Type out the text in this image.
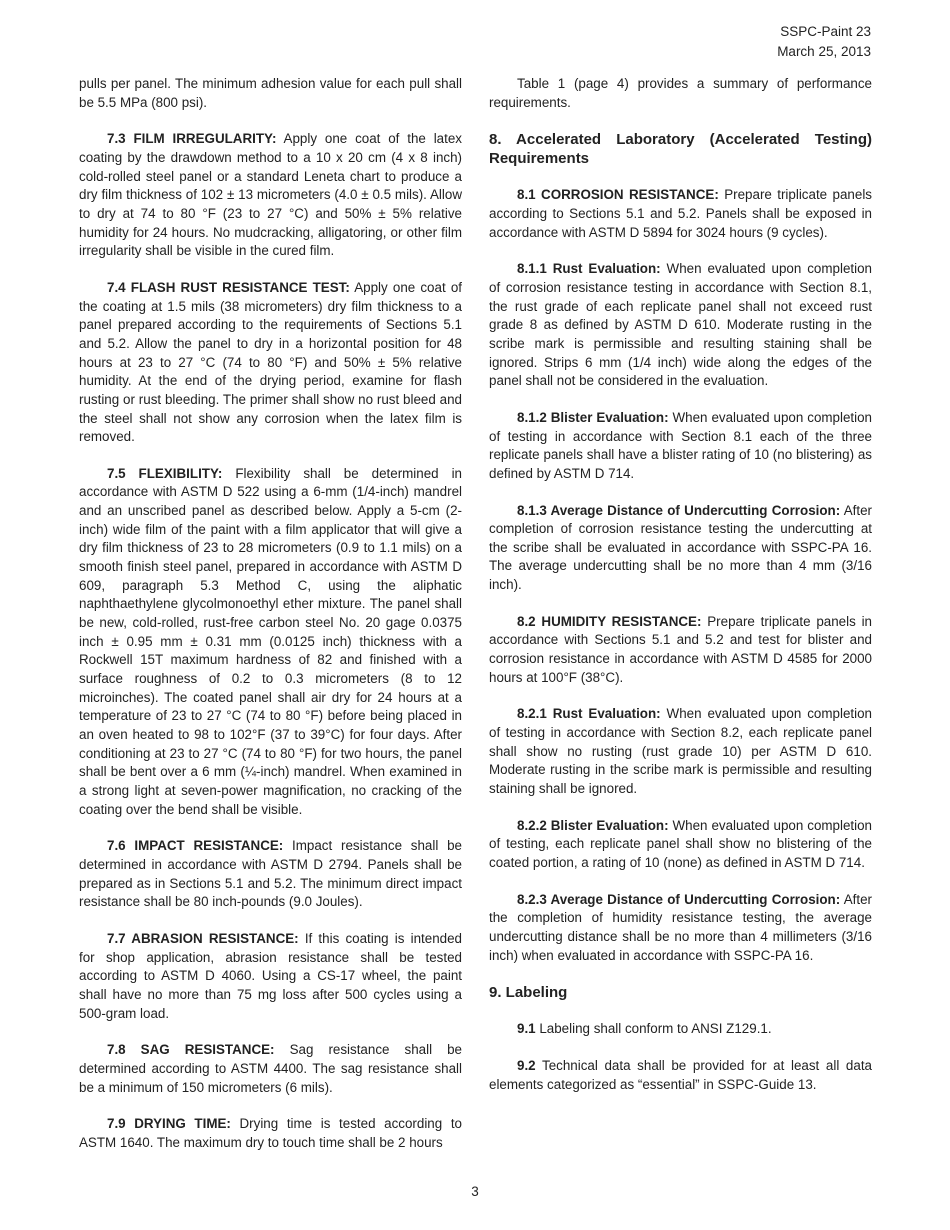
SSPC-Paint 23
March 25, 2013

pulls per panel. The minimum adhesion value for each pull shall be 5.5 MPa (800 psi).

7.3 FILM IRREGULARITY: Apply one coat of the latex coating by the drawdown method to a 10 x 20 cm (4 x 8 inch) cold-rolled steel panel or a standard Leneta chart to produce a dry film thickness of 102 ± 13 micrometers (4.0 ± 0.5 mils). Allow to dry at 74 to 80 °F (23 to 27 °C) and 50% ± 5% relative humidity for 24 hours. No mudcracking, alligatoring, or other film irregularity shall be visible in the cured film.

7.4 FLASH RUST RESISTANCE TEST: Apply one coat of the coating at 1.5 mils (38 micrometers) dry film thickness to a panel prepared according to the requirements of Sections 5.1 and 5.2. Allow the panel to dry in a horizontal position for 48 hours at 23 to 27 °C (74 to 80 °F) and 50% ± 5% relative humidity. At the end of the drying period, examine for flash rusting or rust bleeding. The primer shall show no rust bleed and the steel shall not show any corrosion when the latex film is removed.

7.5 FLEXIBILITY: Flexibility shall be determined in accordance with ASTM D 522 using a 6-mm (1/4-inch) mandrel and an unscribed panel as described below. Apply a 5-cm (2-inch) wide film of the paint with a film applicator that will give a dry film thickness of 23 to 28 micrometers (0.9 to 1.1 mils) on a smooth finish steel panel, prepared in accordance with ASTM D 609, paragraph 5.3 Method C, using the aliphatic naphthaethylene glycolmonoethyl ether mixture. The panel shall be new, cold-rolled, rust-free carbon steel No. 20 gage 0.0375 inch ± 0.95 mm ± 0.31 mm (0.0125 inch) thickness with a Rockwell 15T maximum hardness of 82 and finished with a surface roughness of 0.2 to 0.3 micrometers (8 to 12 microinches). The coated panel shall air dry for 24 hours at a temperature of 23 to 27 °C (74 to 80 °F) before being placed in an oven heated to 98 to 102°F (37 to 39°C) for four days. After conditioning at 23 to 27 °C (74 to 80 °F) for two hours, the panel shall be bent over a 6 mm (¼-inch) mandrel. When examined in a strong light at seven-power magnification, no cracking of the coating over the bend shall be visible.

7.6 IMPACT RESISTANCE: Impact resistance shall be determined in accordance with ASTM D 2794. Panels shall be prepared as in Sections 5.1 and 5.2. The minimum direct impact resistance shall be 80 inch-pounds (9.0 Joules).

7.7 ABRASION RESISTANCE: If this coating is intended for shop application, abrasion resistance shall be tested according to ASTM D 4060. Using a CS-17 wheel, the paint shall have no more than 75 mg loss after 500 cycles using a 500-gram load.

7.8 SAG RESISTANCE: Sag resistance shall be determined according to ASTM 4400. The sag resistance shall be a minimum of 150 micrometers (6 mils).

7.9 DRYING TIME: Drying time is tested according to ASTM 1640. The maximum dry to touch time shall be 2 hours

Table 1 (page 4) provides a summary of performance requirements.

8. Accelerated Laboratory (Accelerated Testing) Requirements

8.1 CORROSION RESISTANCE: Prepare triplicate panels according to Sections 5.1 and 5.2. Panels shall be exposed in accordance with ASTM D 5894 for 3024 hours (9 cycles).

8.1.1 Rust Evaluation: When evaluated upon completion of corrosion resistance testing in accordance with Section 8.1, the rust grade of each replicate panel shall not exceed rust grade 8 as defined by ASTM D 610. Moderate rusting in the scribe mark is permissible and resulting staining shall be ignored. Strips 6 mm (1/4 inch) wide along the edges of the panel shall not be considered in the evaluation.

8.1.2 Blister Evaluation: When evaluated upon completion of testing in accordance with Section 8.1 each of the three replicate panels shall have a blister rating of 10 (no blistering) as defined by ASTM D 714.

8.1.3 Average Distance of Undercutting Corrosion: After completion of corrosion resistance testing the undercutting at the scribe shall be evaluated in accordance with SSPC-PA 16. The average undercutting shall be no more than 4 mm (3/16 inch).

8.2 HUMIDITY RESISTANCE: Prepare triplicate panels in accordance with Sections 5.1 and 5.2 and test for blister and corrosion resistance in accordance with ASTM D 4585 for 2000 hours at 100°F (38°C).

8.2.1 Rust Evaluation: When evaluated upon completion of testing in accordance with Section 8.2, each replicate panel shall show no rusting (rust grade 10) per ASTM D 610. Moderate rusting in the scribe mark is permissible and resulting staining shall be ignored.

8.2.2 Blister Evaluation: When evaluated upon completion of testing, each replicate panel shall show no blistering of the coated portion, a rating of 10 (none) as defined in ASTM D 714.

8.2.3 Average Distance of Undercutting Corrosion: After the completion of humidity resistance testing, the average undercutting distance shall be no more than 4 millimeters (3/16 inch) when evaluated in accordance with SSPC-PA 16.

9. Labeling

9.1 Labeling shall conform to ANSI Z129.1.

9.2 Technical data shall be provided for at least all data elements categorized as “essential” in SSPC-Guide 13.

3
